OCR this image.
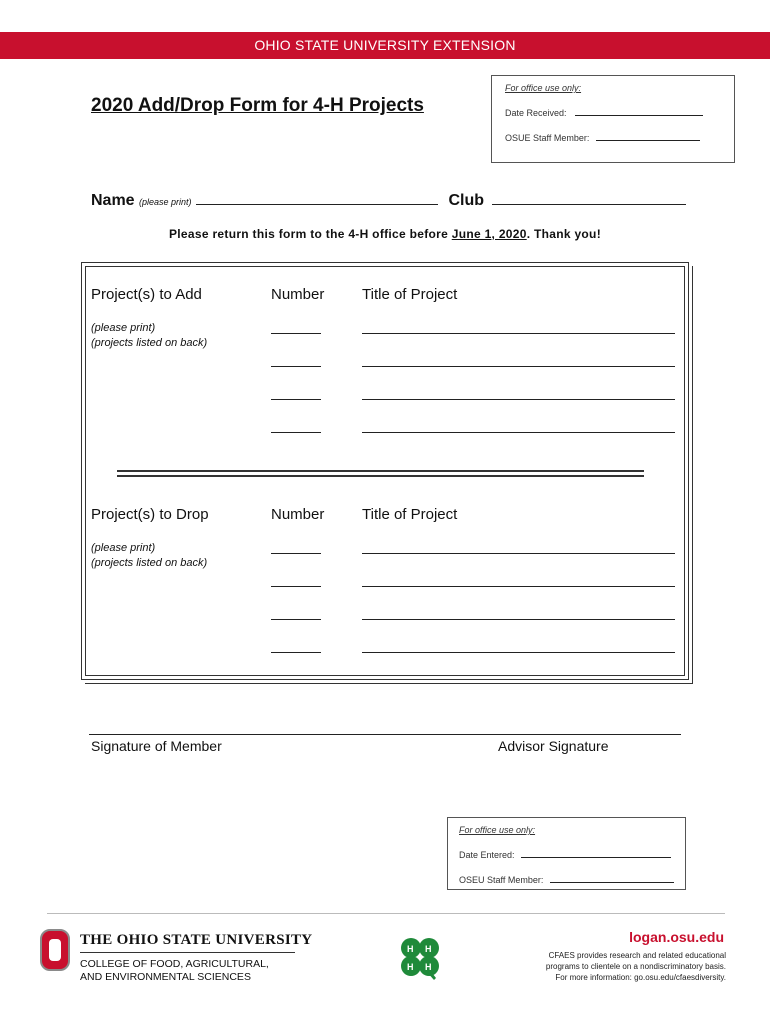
OHIO STATE UNIVERSITY EXTENSION
2020 Add/Drop Form for 4-H Projects
For office use only:
Date Received:
OSUE Staff Member:
Name (please print)	Club
Please return this form to the 4-H office before June 1, 2020. Thank you!
Project(s) to Add	Number	Title of Project
(please print)
(projects listed on back)
Project(s) to Drop	Number	Title of Project
(please print)
(projects listed on back)
Signature of Member	Advisor Signature
For office use only:
Date Entered:
OSEU Staff Member:
THE OHIO STATE UNIVERSITY
COLLEGE OF FOOD, AGRICULTURAL,
AND ENVIRONMENTAL SCIENCES
H H
H H
logan.osu.edu
CFAES provides research and related educational
programs to clientele on a nondiscriminatory basis.
For more information: go.osu.edu/cfaesdiversity.
